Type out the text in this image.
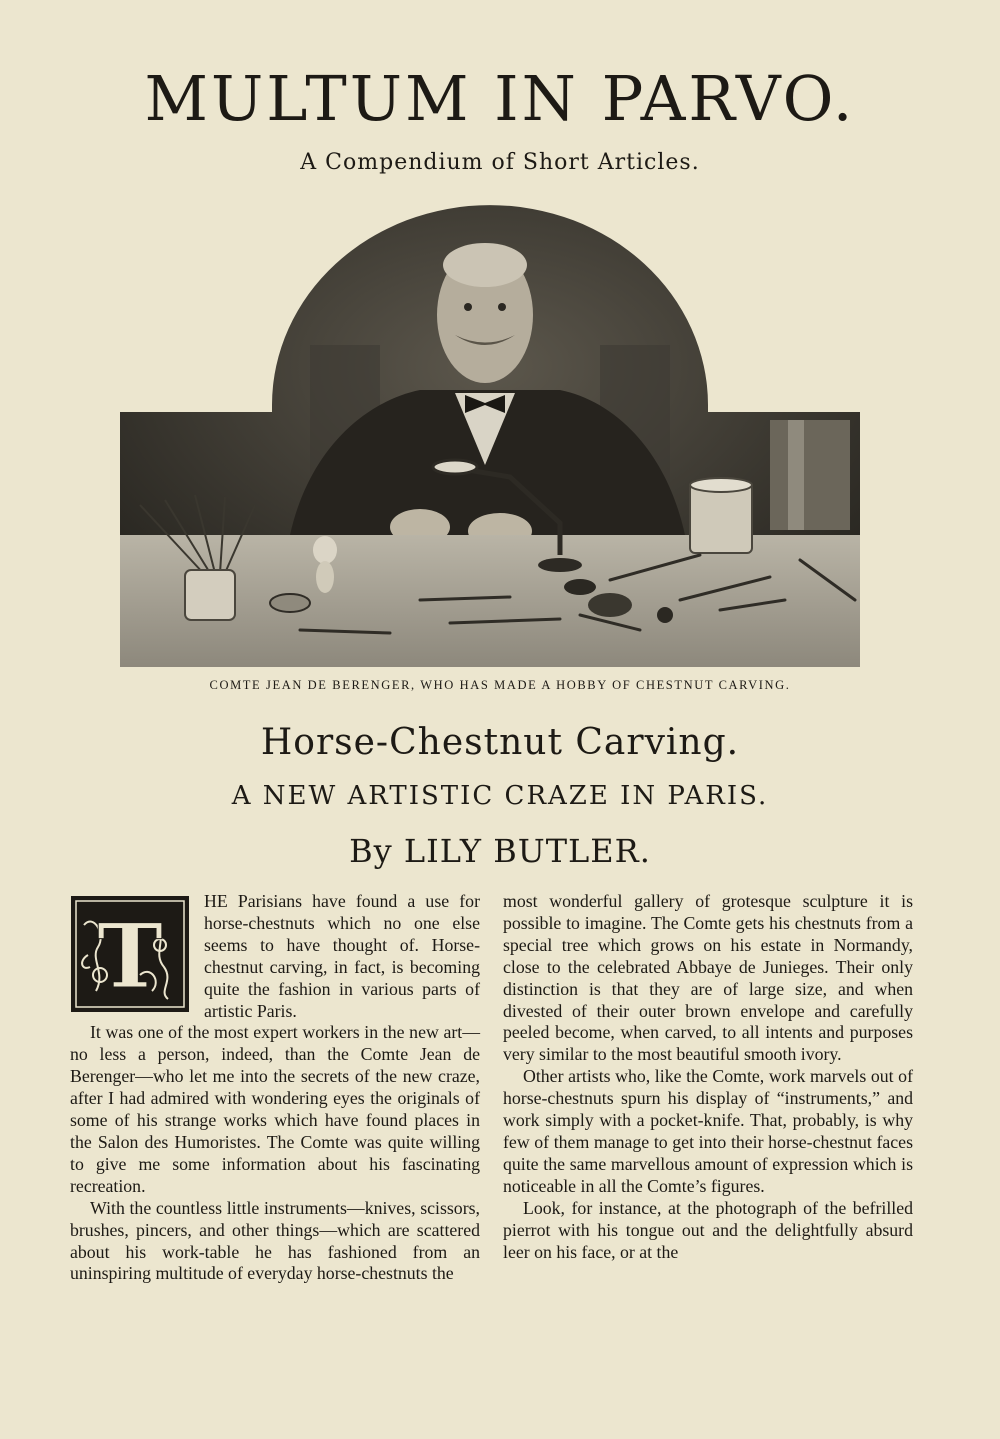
MULTUM IN PARVO.

A Compendium of Short Articles.

COMTE JEAN DE BERENGER, WHO HAS MADE A HOBBY OF CHESTNUT CARVING.

Horse-Chestnut Carving.
A NEW ARTISTIC CRAZE IN PARIS.

By LILY BUTLER.

T

HE Parisians have found a use for horse-chestnuts which no one else seems to have thought of. Horse-chestnut carving, in fact, is becoming quite the fashion in various parts of artistic Paris.

It was one of the most expert workers in the new art—no less a person, indeed, than the Comte Jean de Berenger—who let me into the secrets of the new craze, after I had admired with wondering eyes the originals of some of his strange works which have found places in the Salon des Humoristes. The Comte was quite willing to give me some information about his fascinating recreation.

With the countless little instruments—knives, scissors, brushes, pincers, and other things—which are scattered about his work-table he has fashioned from an uninspiring multitude of everyday horse-chestnuts the

most wonderful gallery of grotesque sculpture it is possible to imagine. The Comte gets his chestnuts from a special tree which grows on his estate in Normandy, close to the celebrated Abbaye de Junieges. Their only distinction is that they are of large size, and when divested of their outer brown envelope and carefully peeled become, when carved, to all intents and purposes very similar to the most beautiful smooth ivory.

Other artists who, like the Comte, work marvels out of horse-chestnuts spurn his display of “instruments,” and work simply with a pocket-knife. That, probably, is why few of them manage to get into their horse-chestnut faces quite the same marvellous amount of expression which is noticeable in all the Comte’s figures.

Look, for instance, at the photograph of the befrilled pierrot with his tongue out and the delightfully absurd leer on his face, or at the
